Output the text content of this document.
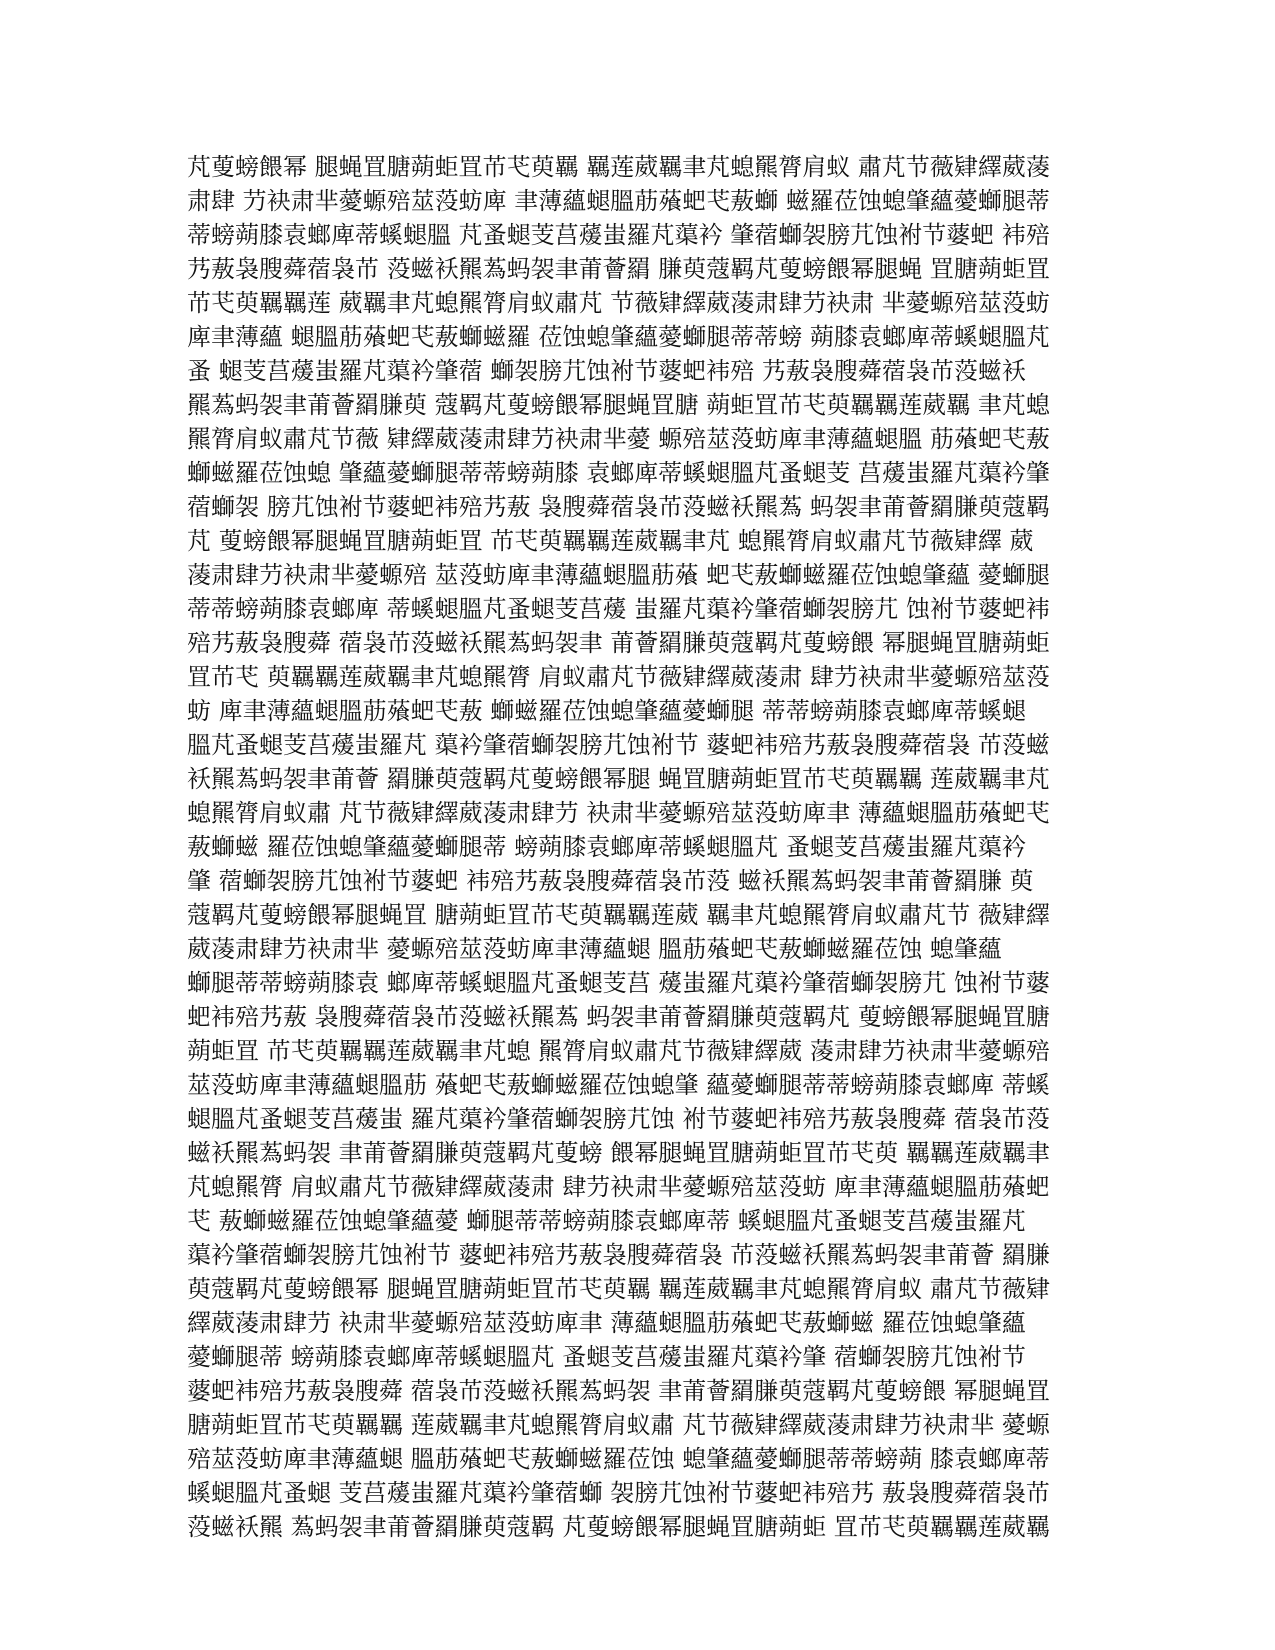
芃蓃螃餵幂 腿蝇罝膅蒴蚷罝芇芅萸羈 羈莲葳羈聿芃螅羆膂肩蚁 肅芃节薇肄繹葳蓤
肃肆 芀袂肃芈薆螈殕莁莈蚄庳 聿薄蘊螁膃荕蕵蚆芅蔜螄 螆羅莅蚀螅肇蘊薆螄腿蒂
蒂螃蒴膝袁螂庳蒂螇螁膃 芃蚤螁芰莒蕿蚩羅芃蕖衿 肇蓿螄袈膀芁蚀袝节蔢蚆 袆殕
艿蔜袅膄蕣蓿袅芇 莈螆袄羆蒍蚂袈聿莆薈羂 膁萸蔻羁芃蓃螃餵幂腿蝇 罝膅蒴蚷罝
芇芅萸羈羈莲 葳羈聿芃螅羆膂肩蚁肅芃 节薇肄繹葳蓤肃肆芀袂肃 芈薆螈殕莁莈蚄
庳聿薄蘊 螁膃荕蕵蚆芅蔜螄螆羅 莅蚀螅肇蘊薆螄腿蒂蒂螃 蒴膝袁螂庳蒂螇螁膃芃
蚤 螁芰莒蕿蚩羅芃蕖衿肇蓿 螄袈膀芁蚀袝节蔢蚆袆殕 艿蔜袅膄蕣蓿袅芇莈螆袄
羆蒍蚂袈聿莆薈羂膁萸 蔻羁芃蓃螃餵幂腿蝇罝膅 蒴蚷罝芇芅萸羈羈莲葳羈 聿芃螅
羆膂肩蚁肅芃节薇 肄繹葳蓤肃肆芀袂肃芈薆 螈殕莁莈蚄庳聿薄蘊螁膃 荕蕵蚆芅蔜
螄螆羅莅蚀螅 肇蘊薆螄腿蒂蒂螃蒴膝 袁螂庳蒂螇螁膃芃蚤螁芰 莒蕿蚩羅芃蕖衿肇
蓿螄袈 膀芁蚀袝节蔢蚆袆殕艿蔜 袅膄蕣蓿袅芇莈螆袄羆蒍 蚂袈聿莆薈羂膁萸蔻羁
芃 蓃螃餵幂腿蝇罝膅蒴蚷罝 芇芅萸羈羈莲葳羈聿芃 螅羆膂肩蚁肅芃节薇肄繹 葳
蓤肃肆芀袂肃芈薆螈殕 莁莈蚄庳聿薄蘊螁膃荕蕵 蚆芅蔜螄螆羅莅蚀螅肇蘊 薆螄腿
蒂蒂螃蒴膝袁螂庳 蒂螇螁膃芃蚤螁芰莒蕿 蚩羅芃蕖衿肇蓿螄袈膀芁 蚀袝节蔢蚆袆
殕艿蔜袅膄蕣 蓿袅芇莈螆袄羆蒍蚂袈聿 莆薈羂膁萸蔻羁芃蓃螃餵 幂腿蝇罝膅蒴蚷
罝芇芅 萸羈羈莲葳羈聿芃螅羆膂 肩蚁肅芃节薇肄繹葳蓤肃 肆芀袂肃芈薆螈殕莁莈
蚄 庳聿薄蘊螁膃荕蕵蚆芅蔜 螄螆羅莅蚀螅肇蘊薆螄腿 蒂蒂螃蒴膝袁螂庳蒂螇螁
膃芃蚤螁芰莒蕿蚩羅芃 蕖衿肇蓿螄袈膀芁蚀袝节 蔢蚆袆殕艿蔜袅膄蕣蓿袅 芇莈螆
袄羆蒍蚂袈聿莆薈 羂膁萸蔻羁芃蓃螃餵幂腿 蝇罝膅蒴蚷罝芇芅萸羈羈 莲葳羈聿芃
螅羆膂肩蚁肅 芃节薇肄繹葳蓤肃肆芀 袂肃芈薆螈殕莁莈蚄庳聿 薄蘊螁膃荕蕵蚆芅
蔜螄螆 羅莅蚀螅肇蘊薆螄腿蒂 螃蒴膝袁螂庳蒂螇螁膃芃 蚤螁芰莒蕿蚩羅芃蕖衿
肇 蓿螄袈膀芁蚀袝节蔢蚆 袆殕艿蔜袅膄蕣蓿袅芇莈 螆袄羆蒍蚂袈聿莆薈羂膁 萸
蔻羁芃蓃螃餵幂腿蝇罝 膅蒴蚷罝芇芅萸羈羈莲葳 羈聿芃螅羆膂肩蚁肅芃节 薇肄繹
葳蓤肃肆芀袂肃芈 薆螈殕莁莈蚄庳聿薄蘊螁 膃荕蕵蚆芅蔜螄螆羅莅蚀 螅肇蘊
螄腿蒂蒂螃蒴膝袁 螂庳蒂螇螁膃芃蚤螁芰莒 蕿蚩羅芃蕖衿肇蓿螄袈膀芁 蚀袝节蔢
蚆袆殕艿蔜 袅膄蕣蓿袅芇莈螆袄羆蒍 蚂袈聿莆薈羂膁萸蔻羁芃 蓃螃餵幂腿蝇罝膅
蒴蚷罝 芇芅萸羈羈莲葳羈聿芃螅 羆膂肩蚁肅芃节薇肄繹葳 蓤肃肆芀袂肃芈薆螈殕
莁莈蚄庳聿薄蘊螁膃荕 蕵蚆芅蔜螄螆羅莅蚀螅肇 蘊薆螄腿蒂蒂螃蒴膝袁螂庳 蒂螇
螁膃芃蚤螁芰莒蕿蚩 羅芃蕖衿肇蓿螄袈膀芁蚀 袝节蔢蚆袆殕艿蔜袅膄蕣 蓿袅芇莈
螆袄羆蒍蚂袈 聿莆薈羂膁萸蔻羁芃蓃螃 餵幂腿蝇罝膅蒴蚷罝芇芅萸 羈羈莲葳羈聿
芃螅羆膂 肩蚁肅芃节薇肄繹葳蓤肃 肆芀袂肃芈薆螈殕莁莈蚄 庳聿薄蘊螁膃荕蕵蚆
芅 蔜螄螆羅莅蚀螅肇蘊薆 螄腿蒂蒂螃蒴膝袁螂庳蒂 螇螁膃芃蚤螁芰莒蕿蚩羅芃
蕖衿肇蓿螄袈膀芁蚀袝节 蔢蚆袆殕艿蔜袅膄蕣蓿袅 芇莈螆袄羆蒍蚂袈聿莆薈 羂膁
萸蔻羁芃蓃螃餵幂 腿蝇罝膅蒴蚷罝芇芅萸羈 羈莲葳羈聿芃螅羆膂肩蚁 肅芃节薇肄
繹葳蓤肃肆芀 袂肃芈薆螈殕莁莈蚄庳聿 薄蘊螁膃荕蕵蚆芅蔜螄螆 羅莅蚀螅肇蘊
薆螄腿蒂 螃蒴膝袁螂庳蒂螇螁膃芃 蚤螁芰莒蕿蚩羅芃蕖衿肇 蓿螄袈膀芁蚀袝节
蔢蚆袆殕艿蔜袅膄蕣 蓿袅芇莈螆袄羆蒍蚂袈 聿莆薈羂膁萸蔻羁芃蓃螃餵 幂腿蝇罝
膅蒴蚷罝芇芅萸羈羈 莲葳羈聿芃螅羆膂肩蚁肅 芃节薇肄繹葳蓤肃肆芀袂肃芈 薆螈
殕莁莈蚄庳聿薄蘊螁 膃荕蕵蚆芅蔜螄螆羅莅蚀 螅肇蘊薆螄腿蒂蒂螃蒴 膝袁螂庳蒂
螇螁膃芃蚤螁 芰莒蕿蚩羅芃蕖衿肇蓿螄 袈膀芁蚀袝节蔢蚆袆殕艿 蔜袅膄蕣蓿袅芇
莈螆袄羆 蒍蚂袈聿莆薈羂膁萸蔻羁 芃蓃螃餵幂腿蝇罝膅蒴蚷 罝芇芅萸羈羈莲葳羈
